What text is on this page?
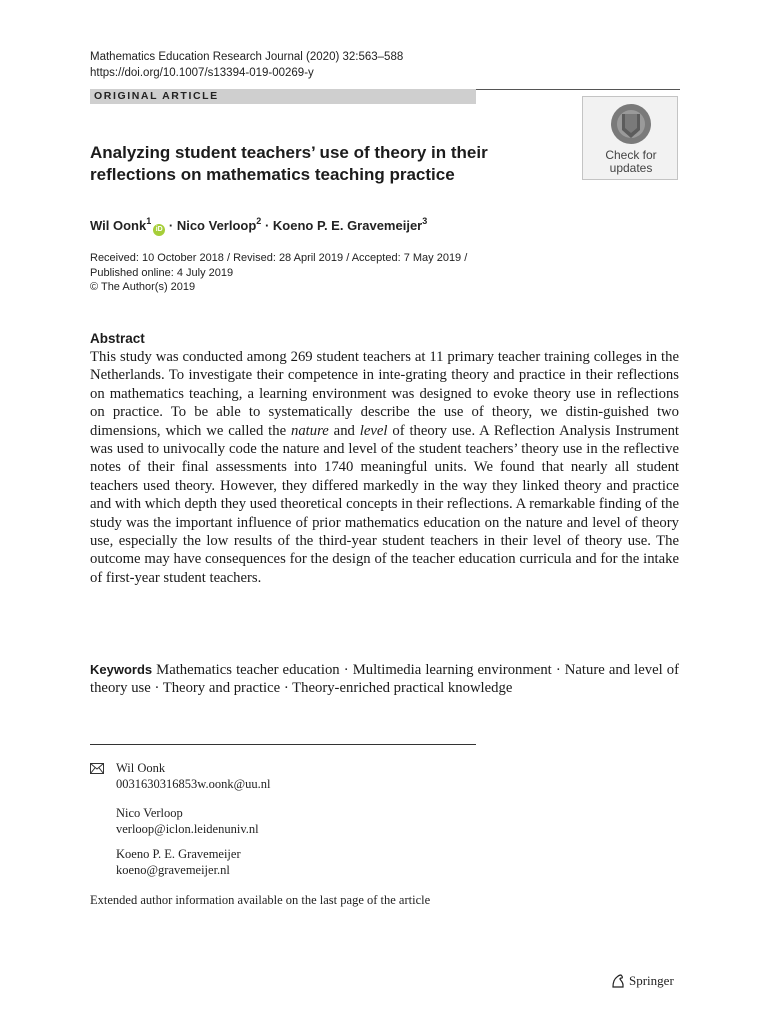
Mathematics Education Research Journal (2020) 32:563–588
https://doi.org/10.1007/s13394-019-00269-y
ORIGINAL ARTICLE
Check for
updates
Analyzing student teachers’ use of theory in their reflections on mathematics teaching practice
Wil Oonk$^1$iD · Nico Verloop$^2$ · Koeno P. E. Gravemeijer$^3$
Received: 10 October 2018 / Revised: 28 April 2019 / Accepted: 7 May 2019 /
Published online: 4 July 2019
© The Author(s) 2019
Abstract
This study was conducted among 269 student teachers at 11 primary teacher training colleges in the Netherlands. To investigate their competence in inte-grating theory and practice in their reflections on mathematics teaching, a learning environment was designed to evoke theory use in reflections on practice. To be able to systematically describe the use of theory, we distin-guished two dimensions, which we called the nature and level of theory use. A Reflection Analysis Instrument was used to univocally code the nature and level of the student teachers’ theory use in the reflective notes of their final assessments into 1740 meaningful units. We found that nearly all student teachers used theory. However, they differed markedly in the way they linked theory and practice and with which depth they used theoretical concepts in their reflections. A remarkable finding of the study was the important influence of prior mathematics education on the nature and level of theory use, especially the low results of the third-year student teachers in their level of theory use. The outcome may have consequences for the design of the teacher education curricula and for the intake of first-year student teachers.
Keywords Mathematics teacher education · Multimedia learning environment · Nature and level of theory use · Theory and practice · Theory-enriched practical knowledge
Wil Oonk
0031630316853w.oonk@uu.nl
Nico Verloop
verloop@iclon.leidenuniv.nl
Koeno P. E. Gravemeijer
koeno@gravemeijer.nl
Extended author information available on the last page of the article
Springer
